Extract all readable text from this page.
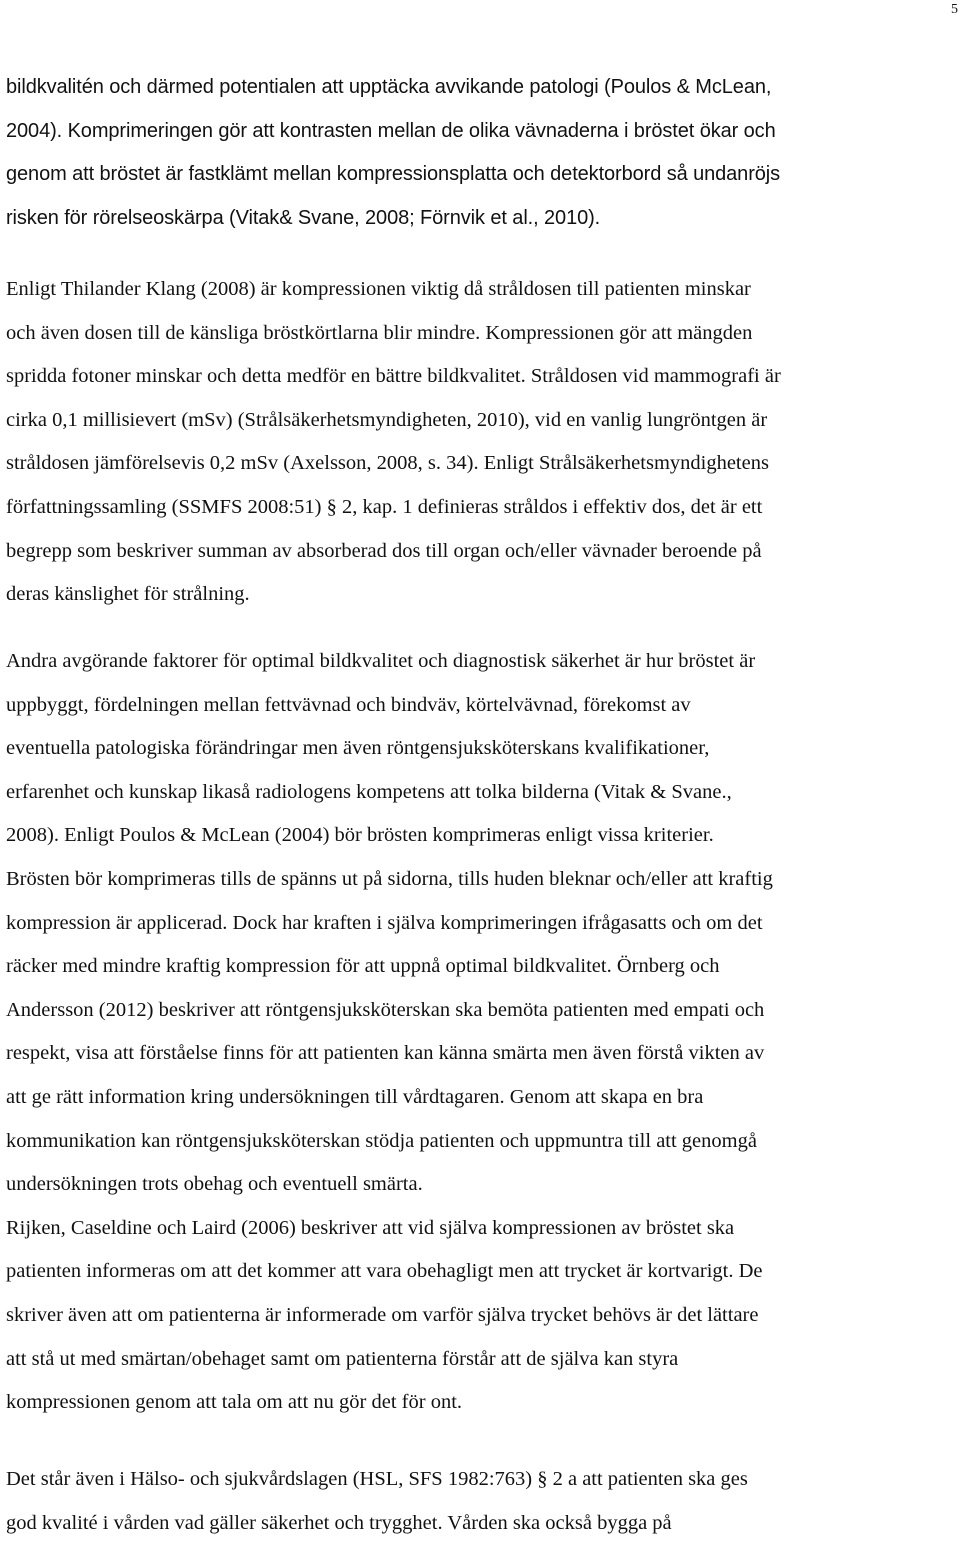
5

bildkvalitén och därmed potentialen att upptäcka avvikande patologi (Poulos & McLean,
2004). Komprimeringen gör att kontrasten mellan de olika vävnaderna i bröstet ökar och
genom att bröstet är fastklämt mellan kompressionsplatta och detektorbord så undanröjs
risken för rörelseoskärpa (Vitak& Svane, 2008; Förnvik et al., 2010).

Enligt Thilander Klang (2008) är kompressionen viktig då stråldosen till patienten minskar
och även dosen till de känsliga bröstkörtlarna blir mindre. Kompressionen gör att mängden
spridda fotoner minskar och detta medför en bättre bildkvalitet. Stråldosen vid mammografi är
cirka 0,1 millisievert (mSv) (Strålsäkerhetsmyndigheten, 2010), vid en vanlig lungröntgen är
stråldosen jämförelsevis 0,2 mSv (Axelsson, 2008, s. 34). Enligt Strålsäkerhetsmyndighetens
författningssamling (SSMFS 2008:51) § 2, kap. 1 definieras stråldos i effektiv dos, det är ett
begrepp som beskriver summan av absorberad dos till organ och/eller vävnader beroende på
deras känslighet för strålning.

Andra avgörande faktorer för optimal bildkvalitet och diagnostisk säkerhet är hur bröstet är
uppbyggt, fördelningen mellan fettvävnad och bindväv, körtelvävnad, förekomst av
eventuella patologiska förändringar men även röntgensjuksköterskans kvalifikationer,
erfarenhet och kunskap likaså radiologens kompetens att tolka bilderna (Vitak & Svane.,
2008). Enligt Poulos & McLean (2004) bör brösten komprimeras enligt vissa kriterier.
Brösten bör komprimeras tills de spänns ut på sidorna, tills huden bleknar och/eller att kraftig
kompression är applicerad. Dock har kraften i själva komprimeringen ifrågasatts och om det
räcker med mindre kraftig kompression för att uppnå optimal bildkvalitet. Örnberg och
Andersson (2012) beskriver att röntgensjuksköterskan ska bemöta patienten med empati och
respekt, visa att förståelse finns för att patienten kan känna smärta men även förstå vikten av
att ge rätt information kring undersökningen till vårdtagaren. Genom att skapa en bra
kommunikation kan röntgensjuksköterskan stödja patienten och uppmuntra till att genomgå
undersökningen trots obehag och eventuell smärta.
Rijken, Caseldine och Laird (2006) beskriver att vid själva kompressionen av bröstet ska
patienten informeras om att det kommer att vara obehagligt men att trycket är kortvarigt. De
skriver även att om patienterna är informerade om varför själva trycket behövs är det lättare
att stå ut med smärtan/obehaget samt om patienterna förstår att de själva kan styra
kompressionen genom att tala om att nu gör det för ont.

Det står även i Hälso- och sjukvårdslagen (HSL, SFS 1982:763) § 2 a att patienten ska ges
god kvalité i vården vad gäller säkerhet och trygghet. Vården ska också bygga på
